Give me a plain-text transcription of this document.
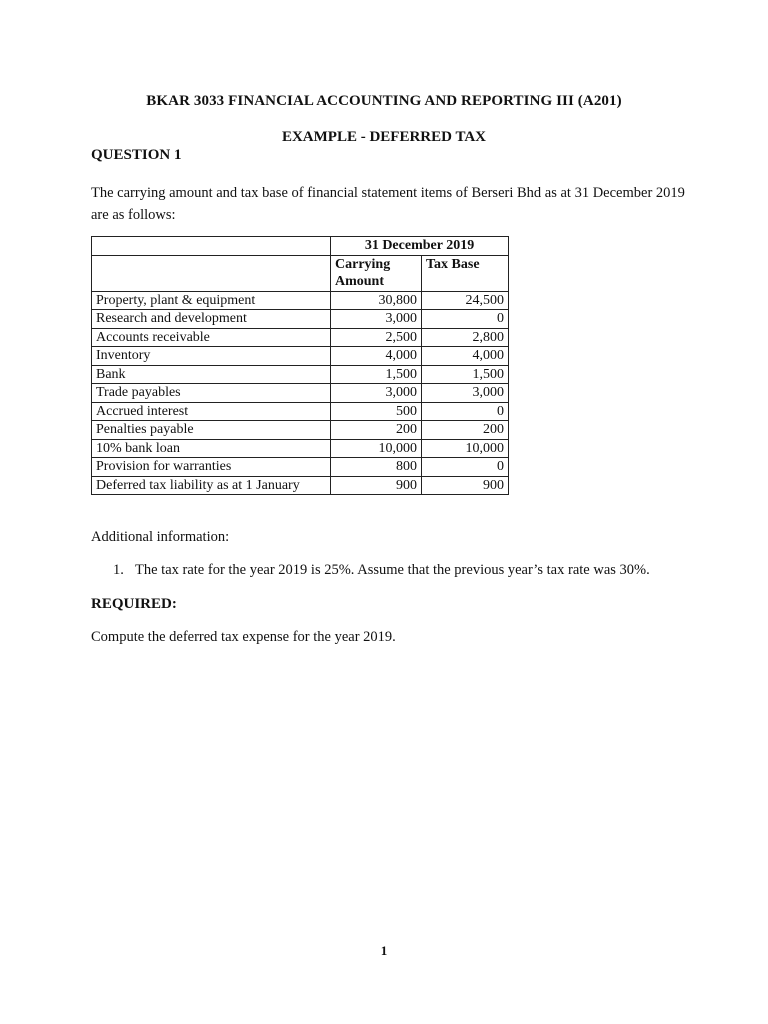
BKAR 3033 FINANCIAL ACCOUNTING AND REPORTING III (A201)
EXAMPLE - DEFERRED TAX
QUESTION 1

The carrying amount and tax base of financial statement items of Berseri Bhd as at 31 December 2019 are as follows:

	31 December 2019	
	Carrying Amount	Tax Base
Property, plant & equipment	30,800	24,500
Research and development	3,000	0
Accounts receivable	2,500	2,800
Inventory	4,000	4,000
Bank	1,500	1,500
Trade payables	3,000	3,000
Accrued interest	500	0
Penalties payable	200	200
10% bank loan	10,000	10,000
Provision for warranties	800	0
Deferred tax liability as at 1 January	900	900
Additional information:
1. The tax rate for the year 2019 is 25%. Assume that the previous year’s tax rate was 30%.
REQUIRED:
Compute the deferred tax expense for the year 2019.
1
